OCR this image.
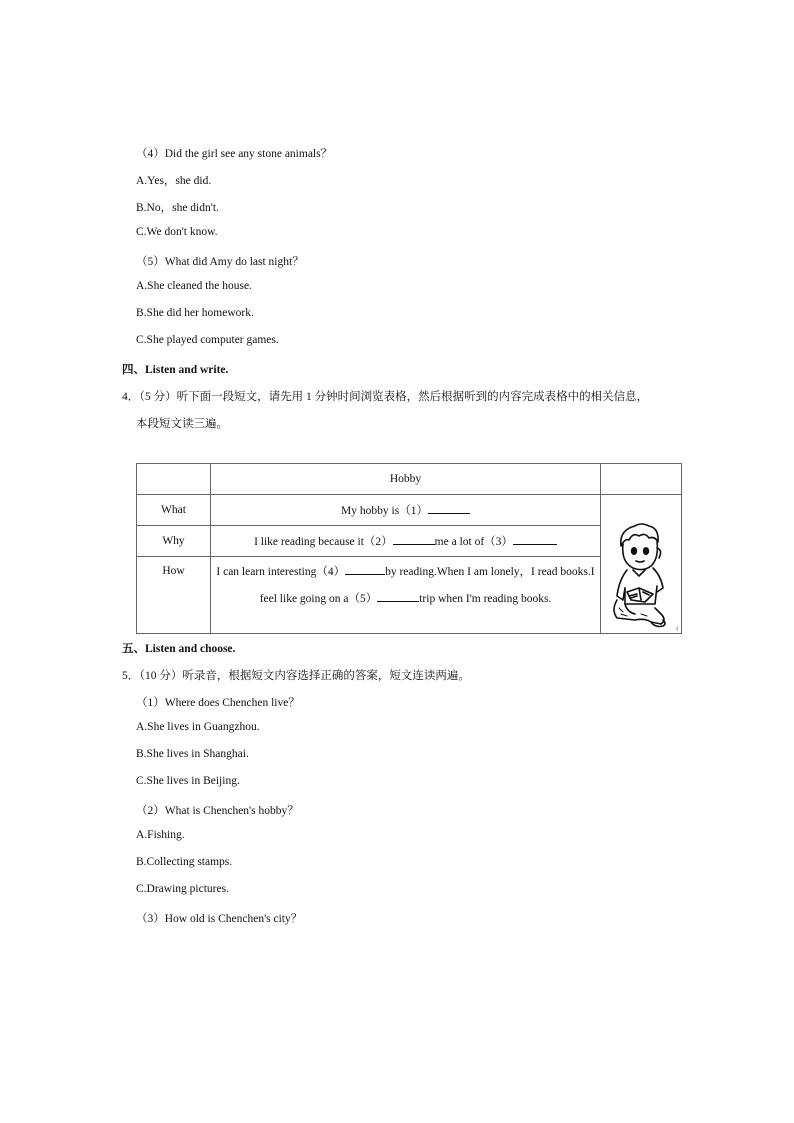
（4）Did the girl see any stone animals？
A.Yes，she did.
B.No，she didn't.
C.We don't know.
（5）What did Amy do last night？
A.She cleaned the house.
B.She did her homework.
C.She played computer games.
四、Listen and write.
4．（5 分）听下面一段短文，请先用 1 分钟时间浏览表格，然后根据听到的内容完成表格中的相关信息，
本段短文读三遍。
	Hobby	
What	My hobby is（1）	4

Why	I like reading because it（2） me a lot of（3）	
How	I can learn interesting（4） by reading.When I am lonely，I read books.I
feel like going on a（5） trip when I'm reading books.	
五、Listen and choose.
5．（10 分）听录音，根据短文内容选择正确的答案，短文连读两遍。
（1）Where does Chenchen live？
A.She lives in Guangzhou.
B.She lives in Shanghai.
C.She lives in Beijing.
（2）What is Chenchen's hobby？
A.Fishing.
B.Collecting stamps.
C.Drawing pictures.
（3）How old is Chenchen's city？
